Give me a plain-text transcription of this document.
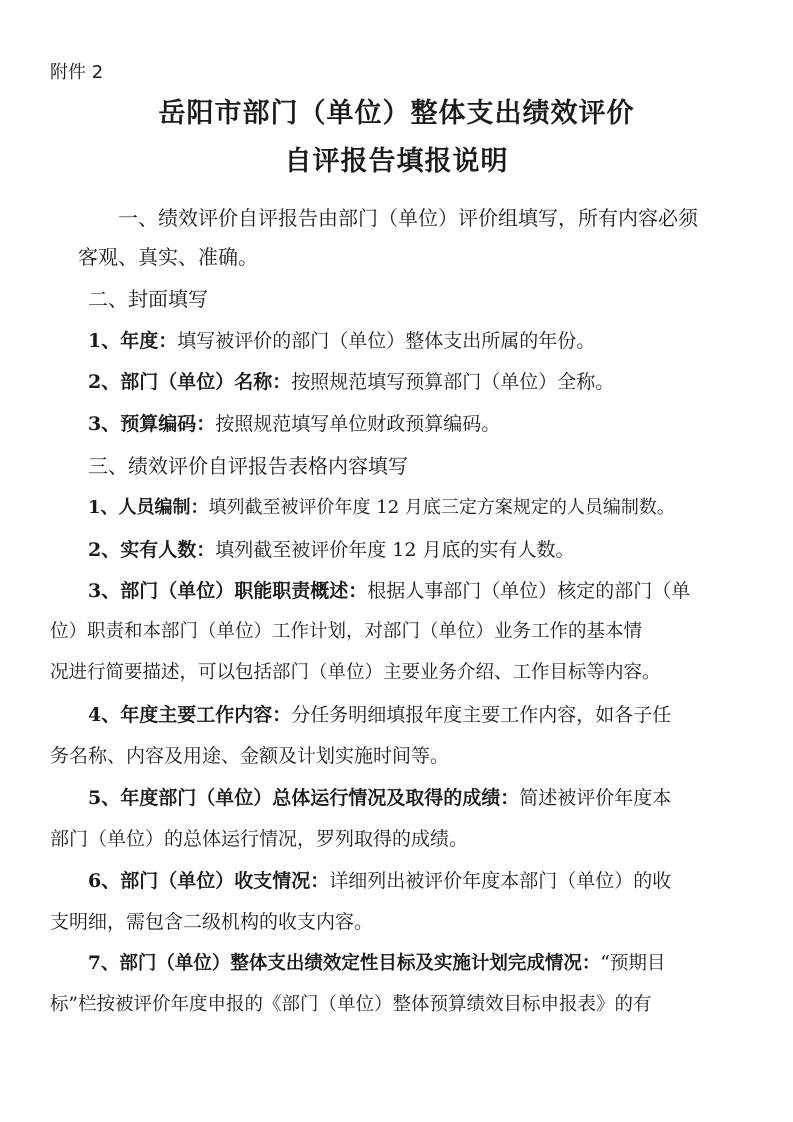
附件 2
岳阳市部门（单位）整体支出绩效评价
自评报告填报说明
一、绩效评价自评报告由部门（单位）评价组填写，所有内容必须
客观、真实、准确。
二、封面填写
1、年度：填写被评价的部门（单位）整体支出所属的年份。
2、部门（单位）名称：按照规范填写预算部门（单位）全称。
3、预算编码：按照规范填写单位财政预算编码。
三、绩效评价自评报告表格内容填写
1、人员编制：填列截至被评价年度 12 月底三定方案规定的人员编制数。
2、实有人数：填列截至被评价年度 12 月底的实有人数。
3、部门（单位）职能职责概述：根据人事部门（单位）核定的部门（单
位）职责和本部门（单位）工作计划，对部门（单位）业务工作的基本情
况进行简要描述，可以包括部门（单位）主要业务介绍、工作目标等内容。
4、年度主要工作内容：分任务明细填报年度主要工作内容，如各子任
务名称、内容及用途、金额及计划实施时间等。
5、年度部门（单位）总体运行情况及取得的成绩：简述被评价年度本
部门（单位）的总体运行情况，罗列取得的成绩。
6、部门（单位）收支情况：详细列出被评价年度本部门（单位）的收
支明细，需包含二级机构的收支内容。
7、部门（单位）整体支出绩效定性目标及实施计划完成情况：“预期目
标”栏按被评价年度申报的《部门（单位）整体预算绩效目标申报表》的有
